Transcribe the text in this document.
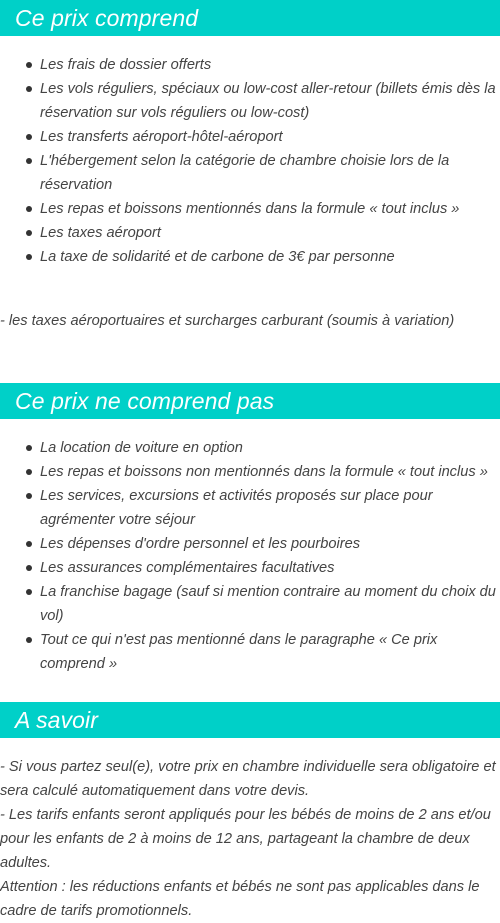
Ce prix comprend
Les frais de dossier offerts
Les vols réguliers, spéciaux ou low-cost aller-retour (billets émis dès la réservation sur vols réguliers ou low-cost)
Les transferts aéroport-hôtel-aéroport
L'hébergement selon la catégorie de chambre choisie lors de la réservation
Les repas et boissons mentionnés dans la formule « tout inclus »
Les taxes aéroport
La taxe de solidarité et de carbone de 3€ par personne

- les taxes aéroportuaires et surcharges carburant (soumis à variation)

Ce prix ne comprend pas
La location de voiture en option
Les repas et boissons non mentionnés dans la formule « tout inclus »
Les services, excursions et activités proposés sur place pour agrémenter votre séjour
Les dépenses d'ordre personnel et les pourboires
Les assurances complémentaires facultatives
La franchise bagage (sauf si mention contraire au moment du choix du vol)
Tout ce qui n'est pas mentionné dans le paragraphe « Ce prix comprend »
A savoir
- Si vous partez seul(e), votre prix en chambre individuelle sera obligatoire et sera calculé automatiquement dans votre devis.
- Les tarifs enfants seront appliqués pour les bébés de moins de 2 ans et/ou pour les enfants de 2 à moins de 12 ans, partageant la chambre de deux adultes.
Attention : les réductions enfants et bébés ne sont pas applicables dans le cadre de tarifs promotionnels.
